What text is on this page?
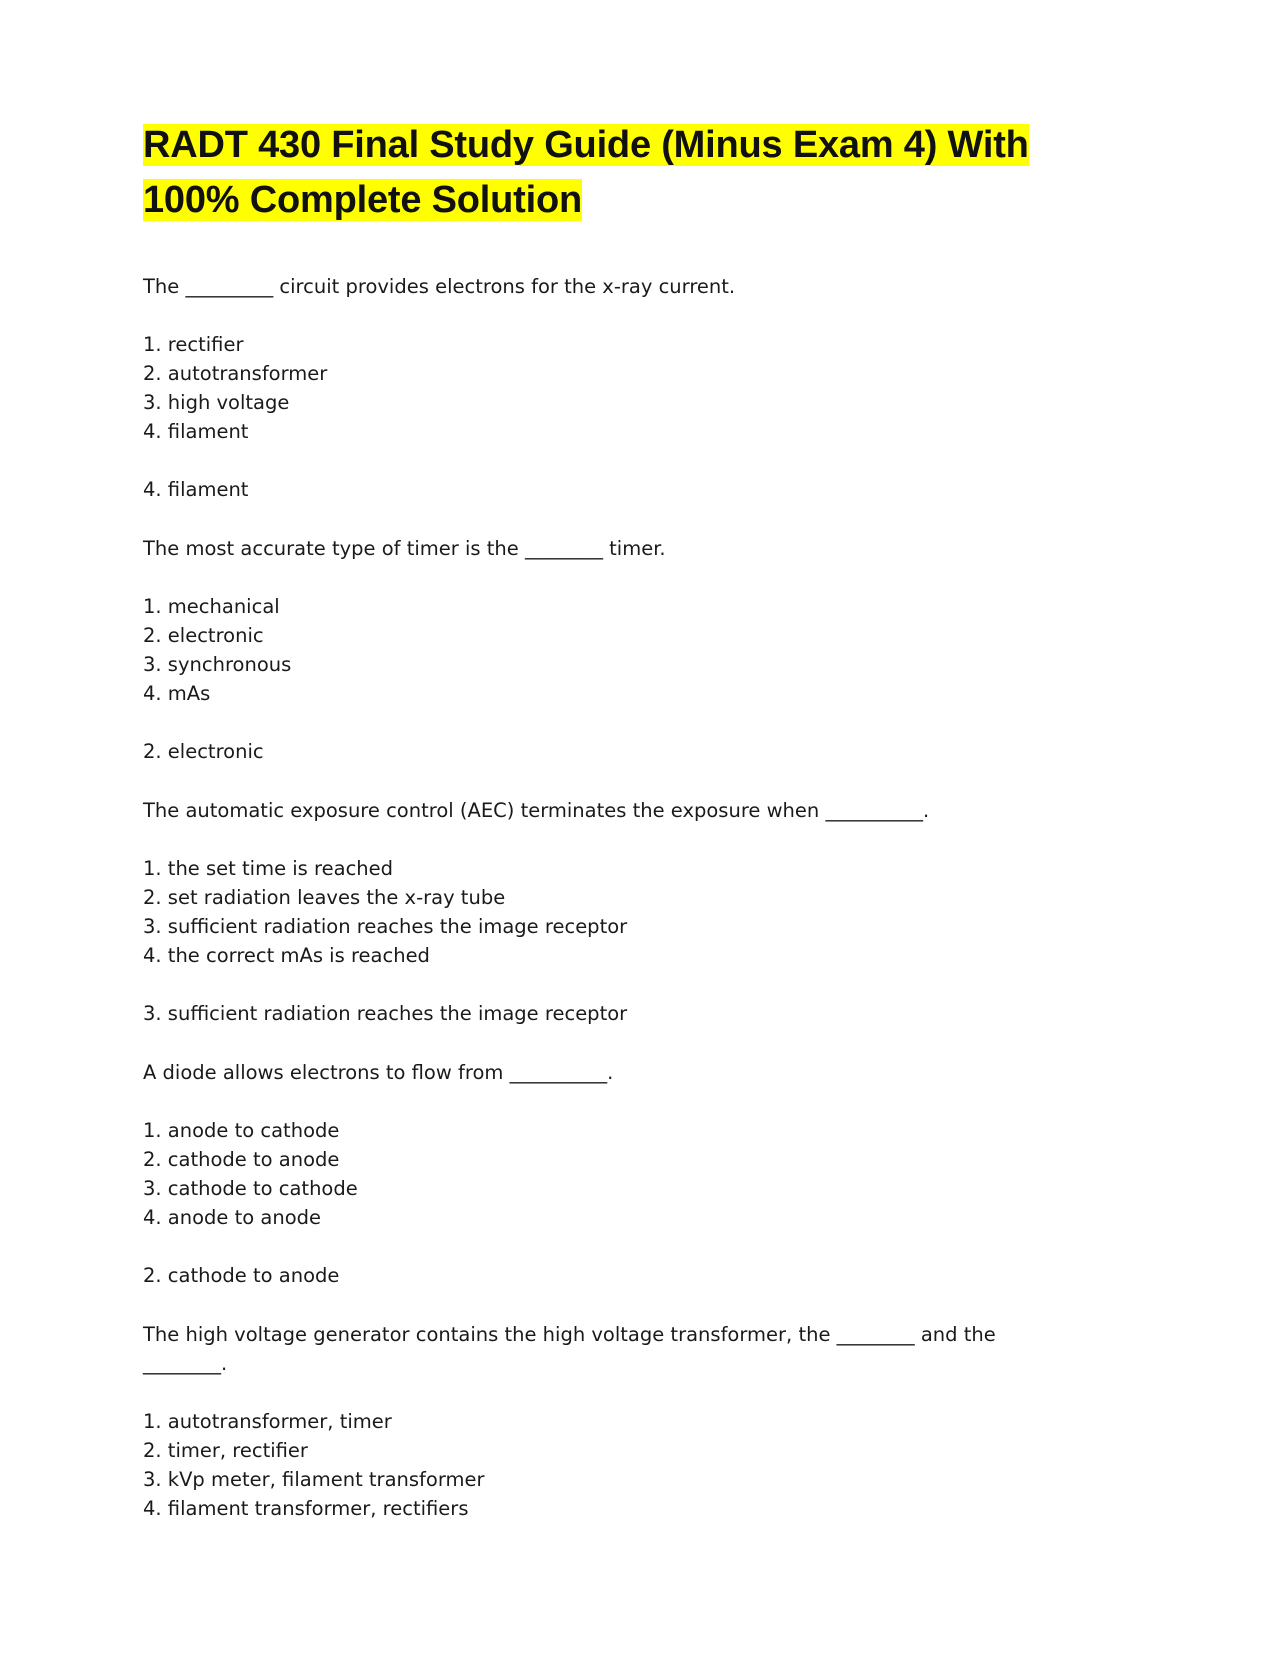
RADT 430 Final Study Guide (Minus Exam 4) With 100% Complete Solution

The _________ circuit provides electrons for the x-ray current.

1. rectifier
2. autotransformer
3. high voltage
4. filament

4. filament

The most accurate type of timer is the ________ timer.

1. mechanical
2. electronic
3. synchronous
4. mAs

2. electronic

The automatic exposure control (AEC) terminates the exposure when __________.

1. the set time is reached
2. set radiation leaves the x-ray tube
3. sufficient radiation reaches the image receptor
4. the correct mAs is reached

3. sufficient radiation reaches the image receptor

A diode allows electrons to flow from __________.

1. anode to cathode
2. cathode to anode
3. cathode to cathode
4. anode to anode

2. cathode to anode

The high voltage generator contains the high voltage transformer, the ________ and the ________.

1. autotransformer, timer
2. timer, rectifier
3. kVp meter, filament transformer
4. filament transformer, rectifiers
